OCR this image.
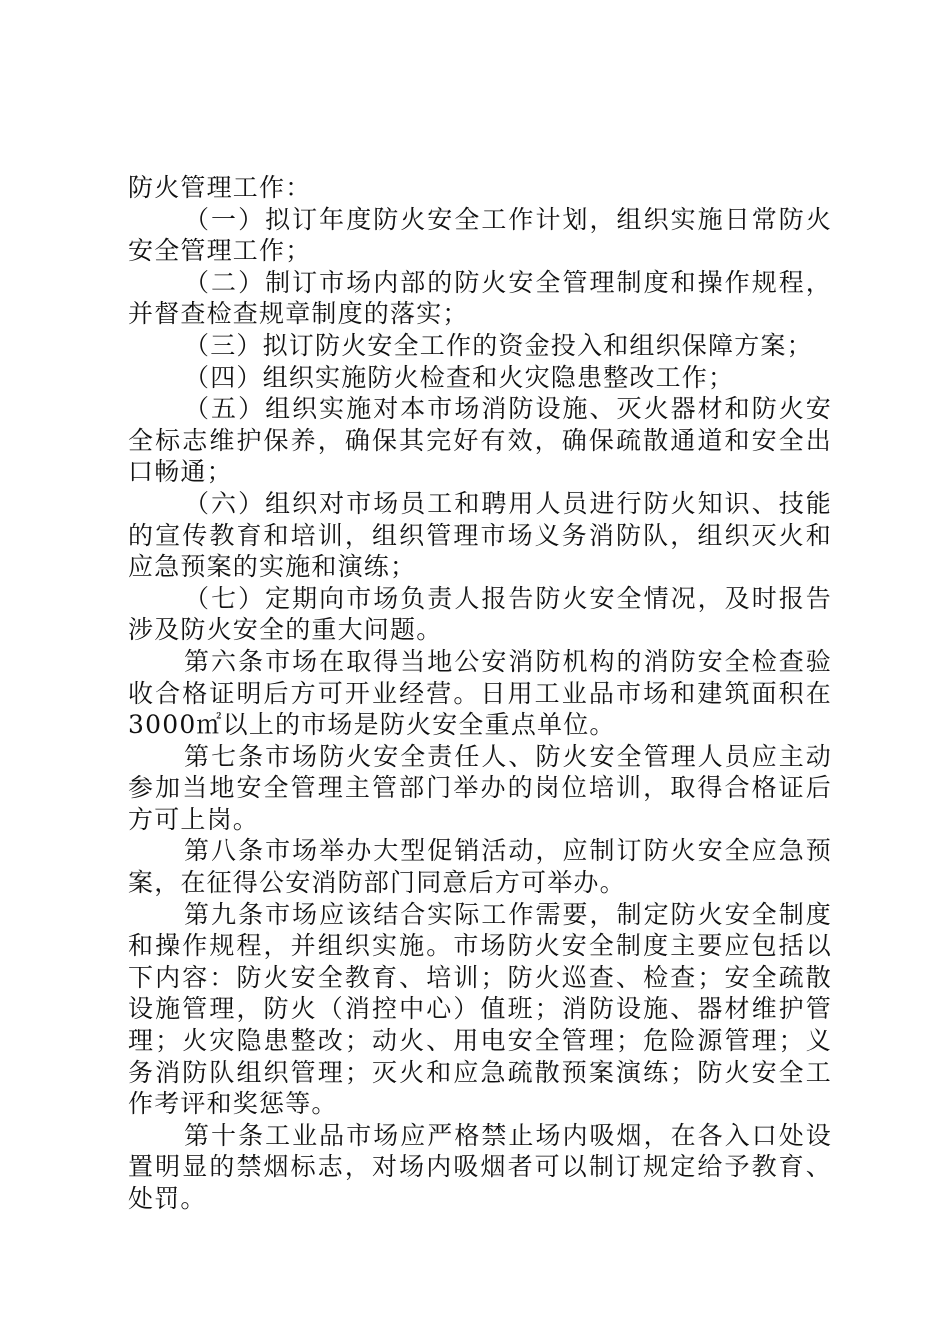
防火管理工作：

（一）拟订年度防火安全工作计划，组织实施日常防火安全管理工作；

（二）制订市场内部的防火安全管理制度和操作规程，并督查检查规章制度的落实；

（三）拟订防火安全工作的资金投入和组织保障方案；

（四）组织实施防火检查和火灾隐患整改工作；

（五）组织实施对本市场消防设施、灭火器材和防火安全标志维护保养，确保其完好有效，确保疏散通道和安全出口畅通；

（六）组织对市场员工和聘用人员进行防火知识、技能的宣传教育和培训，组织管理市场义务消防队，组织灭火和应急预案的实施和演练；

（七）定期向市场负责人报告防火安全情况，及时报告涉及防火安全的重大问题。

第六条市场在取得当地公安消防机构的消防安全检查验收合格证明后方可开业经营。日用工业品市场和建筑面积在 3000㎡以上的市场是防火安全重点单位。

第七条市场防火安全责任人、防火安全管理人员应主动参加当地安全管理主管部门举办的岗位培训，取得合格证后方可上岗。

第八条市场举办大型促销活动，应制订防火安全应急预案，在征得公安消防部门同意后方可举办。

第九条市场应该结合实际工作需要，制定防火安全制度和操作规程，并组织实施。市场防火安全制度主要应包括以下内容：防火安全教育、培训；防火巡查、检查；安全疏散设施管理，防火（消控中心）值班；消防设施、器材维护管理；火灾隐患整改；动火、用电安全管理；危险源管理；义务消防队组织管理；灭火和应急疏散预案演练；防火安全工作考评和奖惩等。

第十条工业品市场应严格禁止场内吸烟，在各入口处设置明显的禁烟标志，对场内吸烟者可以制订规定给予教育、处罚。
